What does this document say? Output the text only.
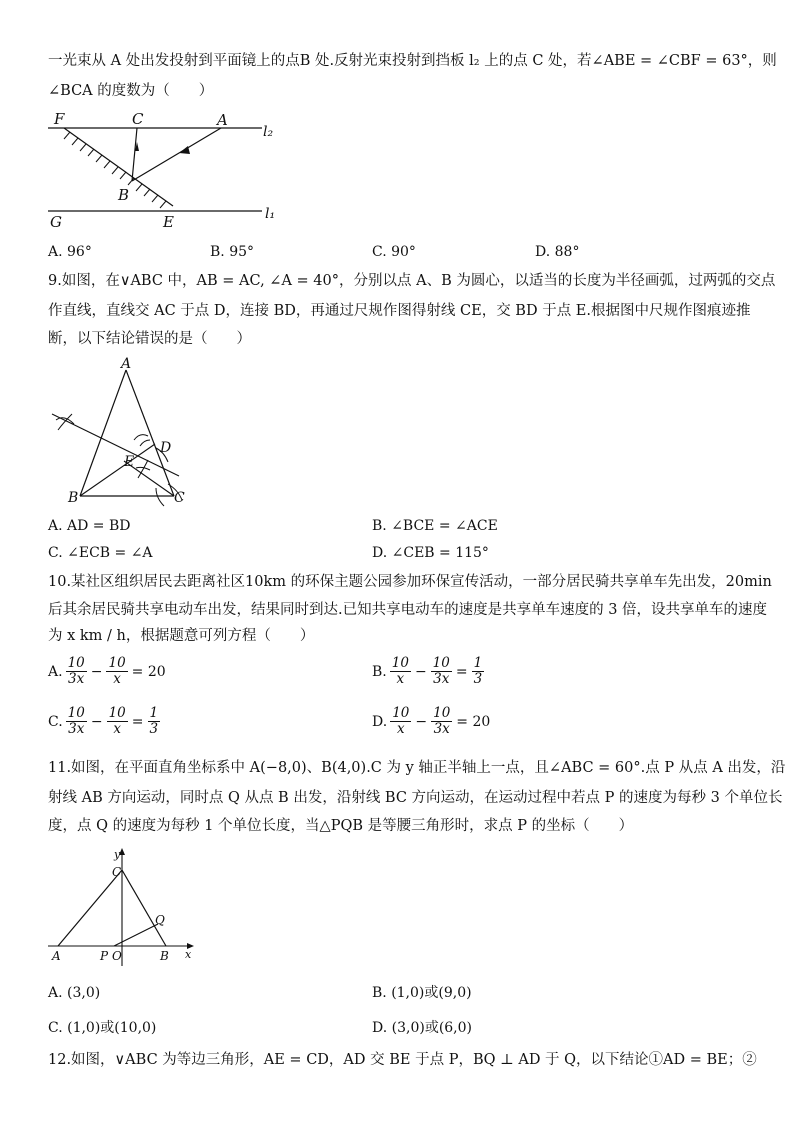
一光束从 A 处出发投射到平面镜上的点B 处.反射光束投射到挡板 l₂ 上的点 C 处，若∠ABE = ∠CBF = 63°，则
∠BCA 的度数为（　　）
F	C	A
l₂
B
G	E	l₁
A. 96°	B. 95°	C. 90°	D. 88°
9.如图，在∨ABC 中，AB = AC, ∠A = 40°，分别以点 A、B 为圆心，以适当的长度为半径画弧，过两弧的交点
作直线，直线交 AC 于点 D，连接 BD，再通过尺规作图得射线 CE，交 BD 于点 E.根据图中尺规作图痕迹推
断，以下结论错误的是（　　）
A
D
E
B	C
A. AD = BD	B. ∠BCE = ∠ACE
C. ∠ECB = ∠A	D. ∠CEB = 115°
10.某社区组织居民去距离社区10km 的环保主题公园参加环保宣传活动，一部分居民骑共享单车先出发，20min
后其余居民骑共享电动车出发，结果同时到达.已知共享电动车的速度是共享单车速度的 3 倍，设共享单车的速度
为 x km / h，根据题意可列方程（　　）
A. $\frac{10}{3x} - \frac{10}{x} = 20$	B. $\frac{10}{x} - \frac{10}{3x} = \frac{1}{3}$
C. $\frac{10}{3x} - \frac{10}{x} = \frac{1}{3}$	D. $\frac{10}{x} - \frac{10}{3x} = 20$
11.如图，在平面直角坐标系中 A(−8,0)、B(4,0).C 为 y 轴正半轴上一点，且∠ABC = 60°.点 P 从点 A 出发，沿
射线 AB 方向运动，同时点 Q 从点 B 出发，沿射线 BC 方向运动，在运动过程中若点 P 的速度为每秒 3 个单位长
度，点 Q 的速度为每秒 1 个单位长度，当△PQB 是等腰三角形时，求点 P 的坐标（　　）
y
C
Q
A	P O	B x
A. (3,0)	B. (1,0)或(9,0)
C. (1,0)或(10,0)	D. (3,0)或(6,0)
12.如图，∨ABC 为等边三角形，AE = CD，AD 交 BE 于点 P，BQ ⊥ AD 于 Q，以下结论①AD = BE；②
